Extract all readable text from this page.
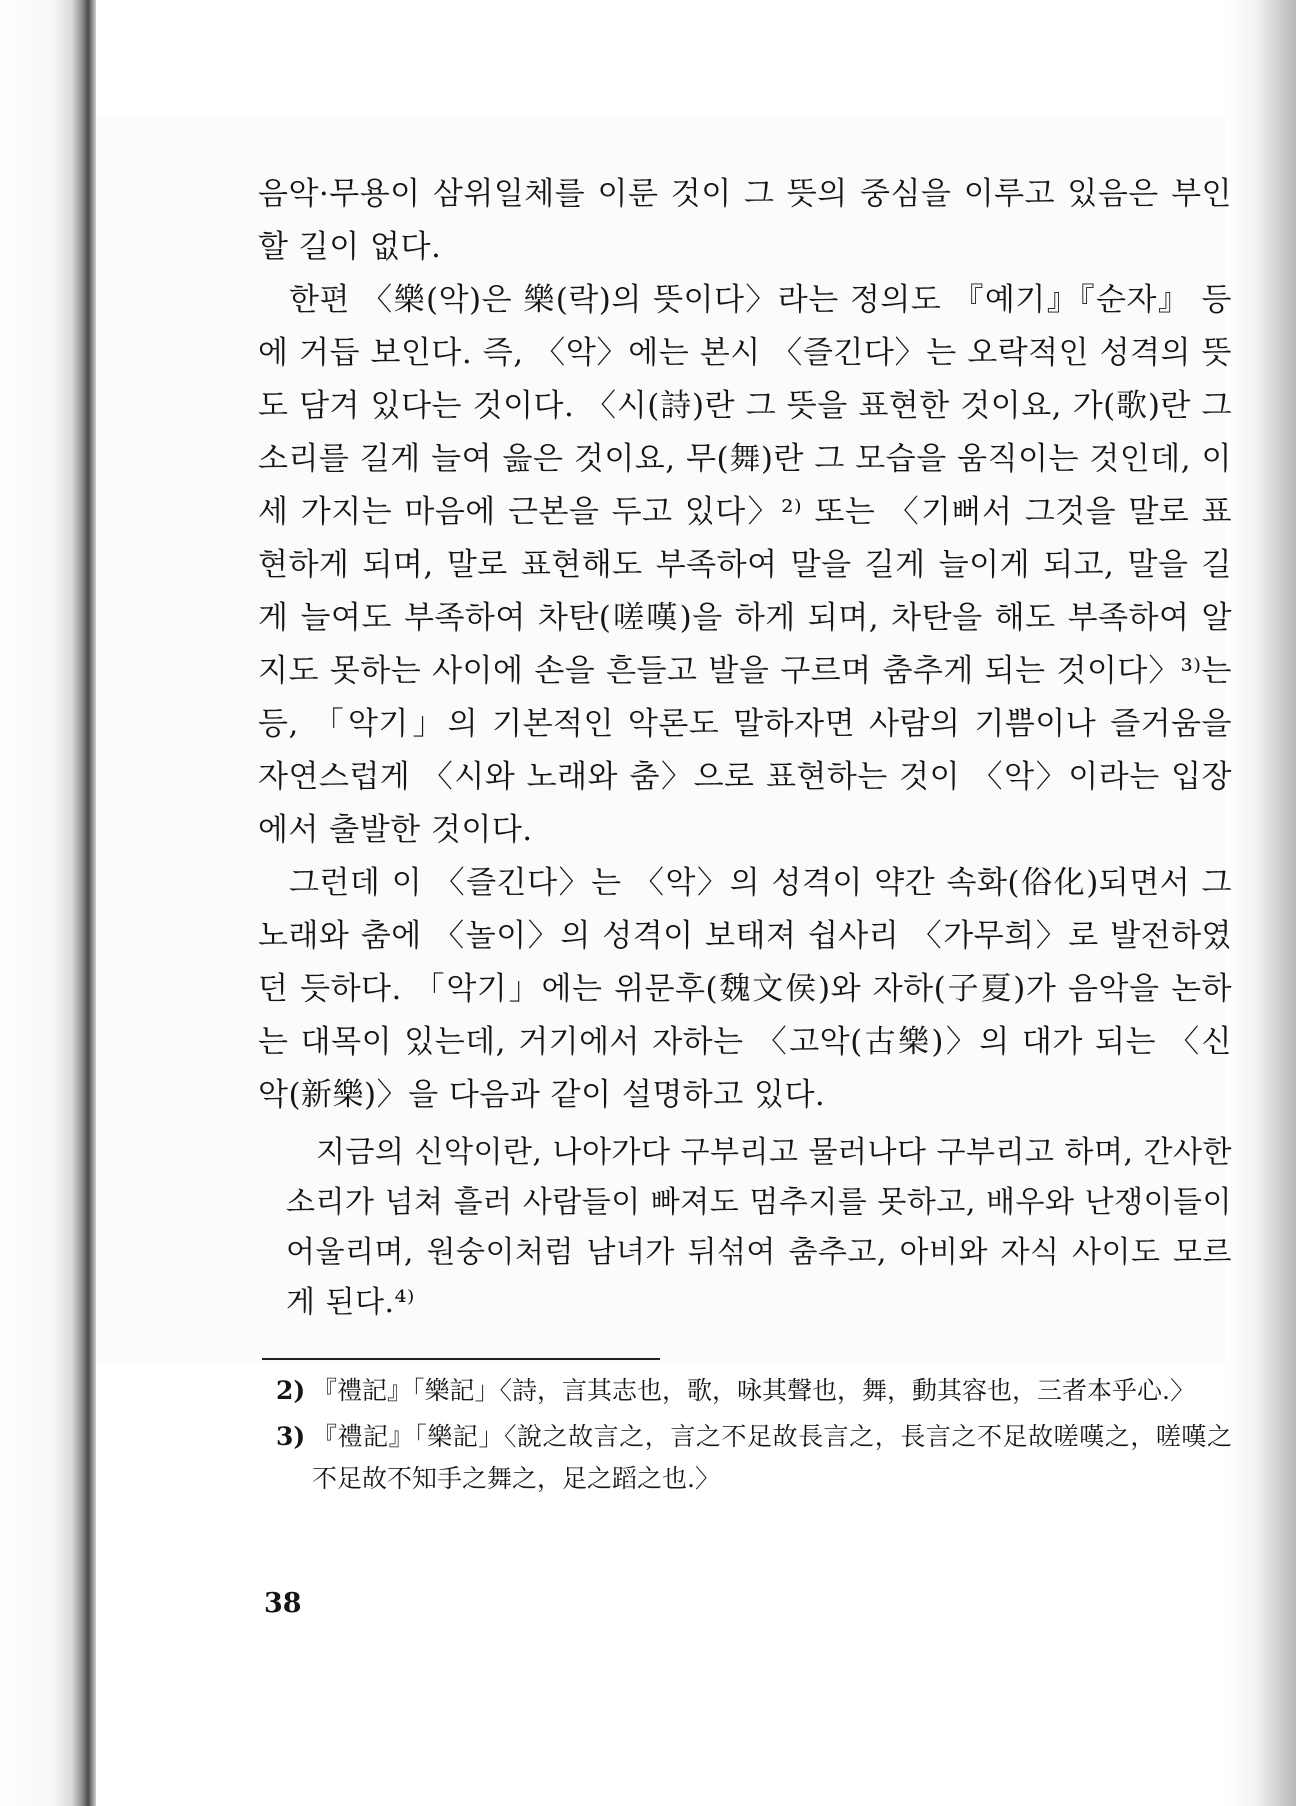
음악·무용이 삼위일체를 이룬 것이 그 뜻의 중심을 이루고 있음은 부인할 길이 없다.

한편 〈樂(악)은 樂(락)의 뜻이다〉라는 정의도 『예기』『순자』 등에 거듭 보인다. 즉, 〈악〉에는 본시 〈즐긴다〉는 오락적인 성격의 뜻도 담겨 있다는 것이다. 〈시(詩)란 그 뜻을 표현한 것이요, 가(歌)란 그 소리를 길게 늘여 읊은 것이요, 무(舞)란 그 모습을 움직이는 것인데, 이 세 가지는 마음에 근본을 두고 있다〉²⁾ 또는 〈기뻐서 그것을 말로 표현하게 되며, 말로 표현해도 부족하여 말을 길게 늘이게 되고, 말을 길게 늘여도 부족하여 차탄(嗟嘆)을 하게 되며, 차탄을 해도 부족하여 알지도 못하는 사이에 손을 흔들고 발을 구르며 춤추게 되는 것이다〉³⁾는 등, 「악기」의 기본적인 악론도 말하자면 사람의 기쁨이나 즐거움을 자연스럽게 〈시와 노래와 춤〉으로 표현하는 것이 〈악〉이라는 입장에서 출발한 것이다.

그런데 이 〈즐긴다〉는 〈악〉의 성격이 약간 속화(俗化)되면서 그 노래와 춤에 〈놀이〉의 성격이 보태져 쉽사리 〈가무희〉로 발전하였던 듯하다. 「악기」에는 위문후(魏文侯)와 자하(子夏)가 음악을 논하는 대목이 있는데, 거기에서 자하는 〈고악(古樂)〉의 대가 되는 〈신악(新樂)〉을 다음과 같이 설명하고 있다.

지금의 신악이란, 나아가다 구부리고 물러나다 구부리고 하며, 간사한 소리가 넘쳐 흘러 사람들이 빠져도 멈추지를 못하고, 배우와 난쟁이들이 어울리며, 원숭이처럼 남녀가 뒤섞여 춤추고, 아비와 자식 사이도 모르게 된다.⁴⁾

2) 『禮記』「樂記」〈詩，言其志也，歌，咏其聲也，舞，動其容也，三者本乎心.〉
3) 『禮記』「樂記」〈說之故言之，言之不足故長言之，長言之不足故嗟嘆之，嗟嘆之不足故不知手之舞之，足之蹈之也.〉
38
